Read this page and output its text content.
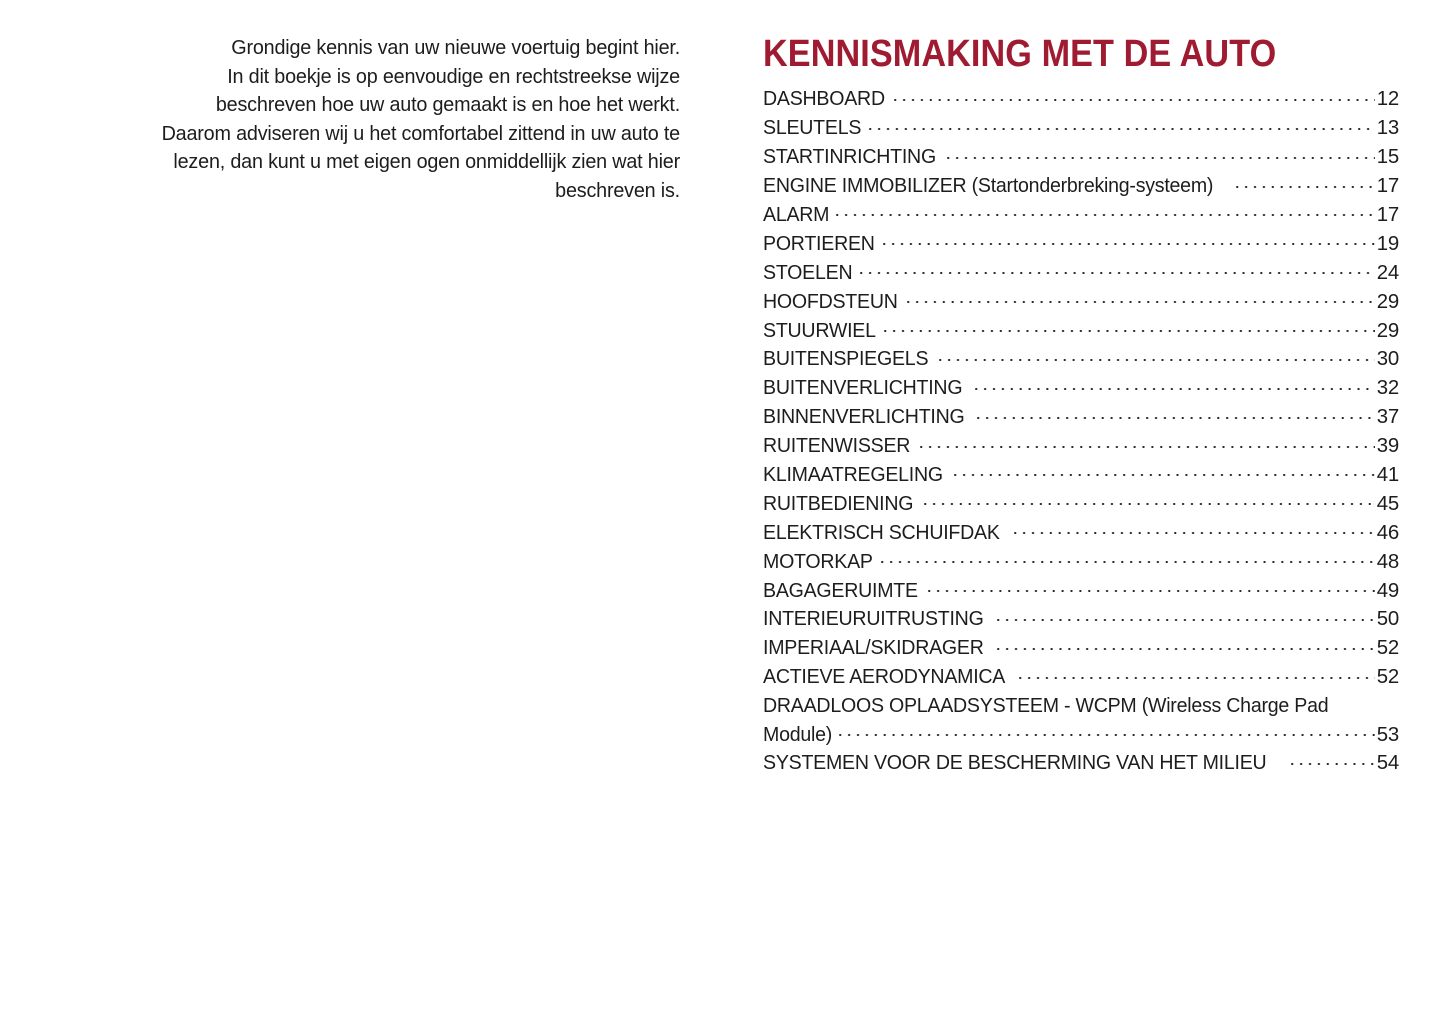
Grondige kennis van uw nieuwe voertuig begint hier.
In dit boekje is op eenvoudige en rechtstreekse wijze
beschreven hoe uw auto gemaakt is en hoe het werkt.
Daarom adviseren wij u het comfortabel zittend in uw auto te
lezen, dan kunt u met eigen ogen onmiddellijk zien wat hier
beschreven is.

KENNISMAKING MET DE AUTO
DASHBOARD	12
SLEUTELS	13
STARTINRICHTING	15
ENGINE IMMOBILIZER (Startonderbreking-systeem)	17
ALARM	17
PORTIEREN	19
STOELEN	24
HOOFDSTEUN	29
STUURWIEL	29
BUITENSPIEGELS	30
BUITENVERLICHTING	32
BINNENVERLICHTING	37
RUITENWISSER	39
KLIMAATREGELING	41
RUITBEDIENING	45
ELEKTRISCH SCHUIFDAK	46
MOTORKAP	48
BAGAGERUIMTE	49
INTERIEURUITRUSTING	50
IMPERIAAL/SKIDRAGER	52
ACTIEVE AERODYNAMICA	52
DRAADLOOS OPLAADSYSTEEM - WCPM (Wireless Charge Pad
Module)	53
SYSTEMEN VOOR DE BESCHERMING VAN HET MILIEU	54
